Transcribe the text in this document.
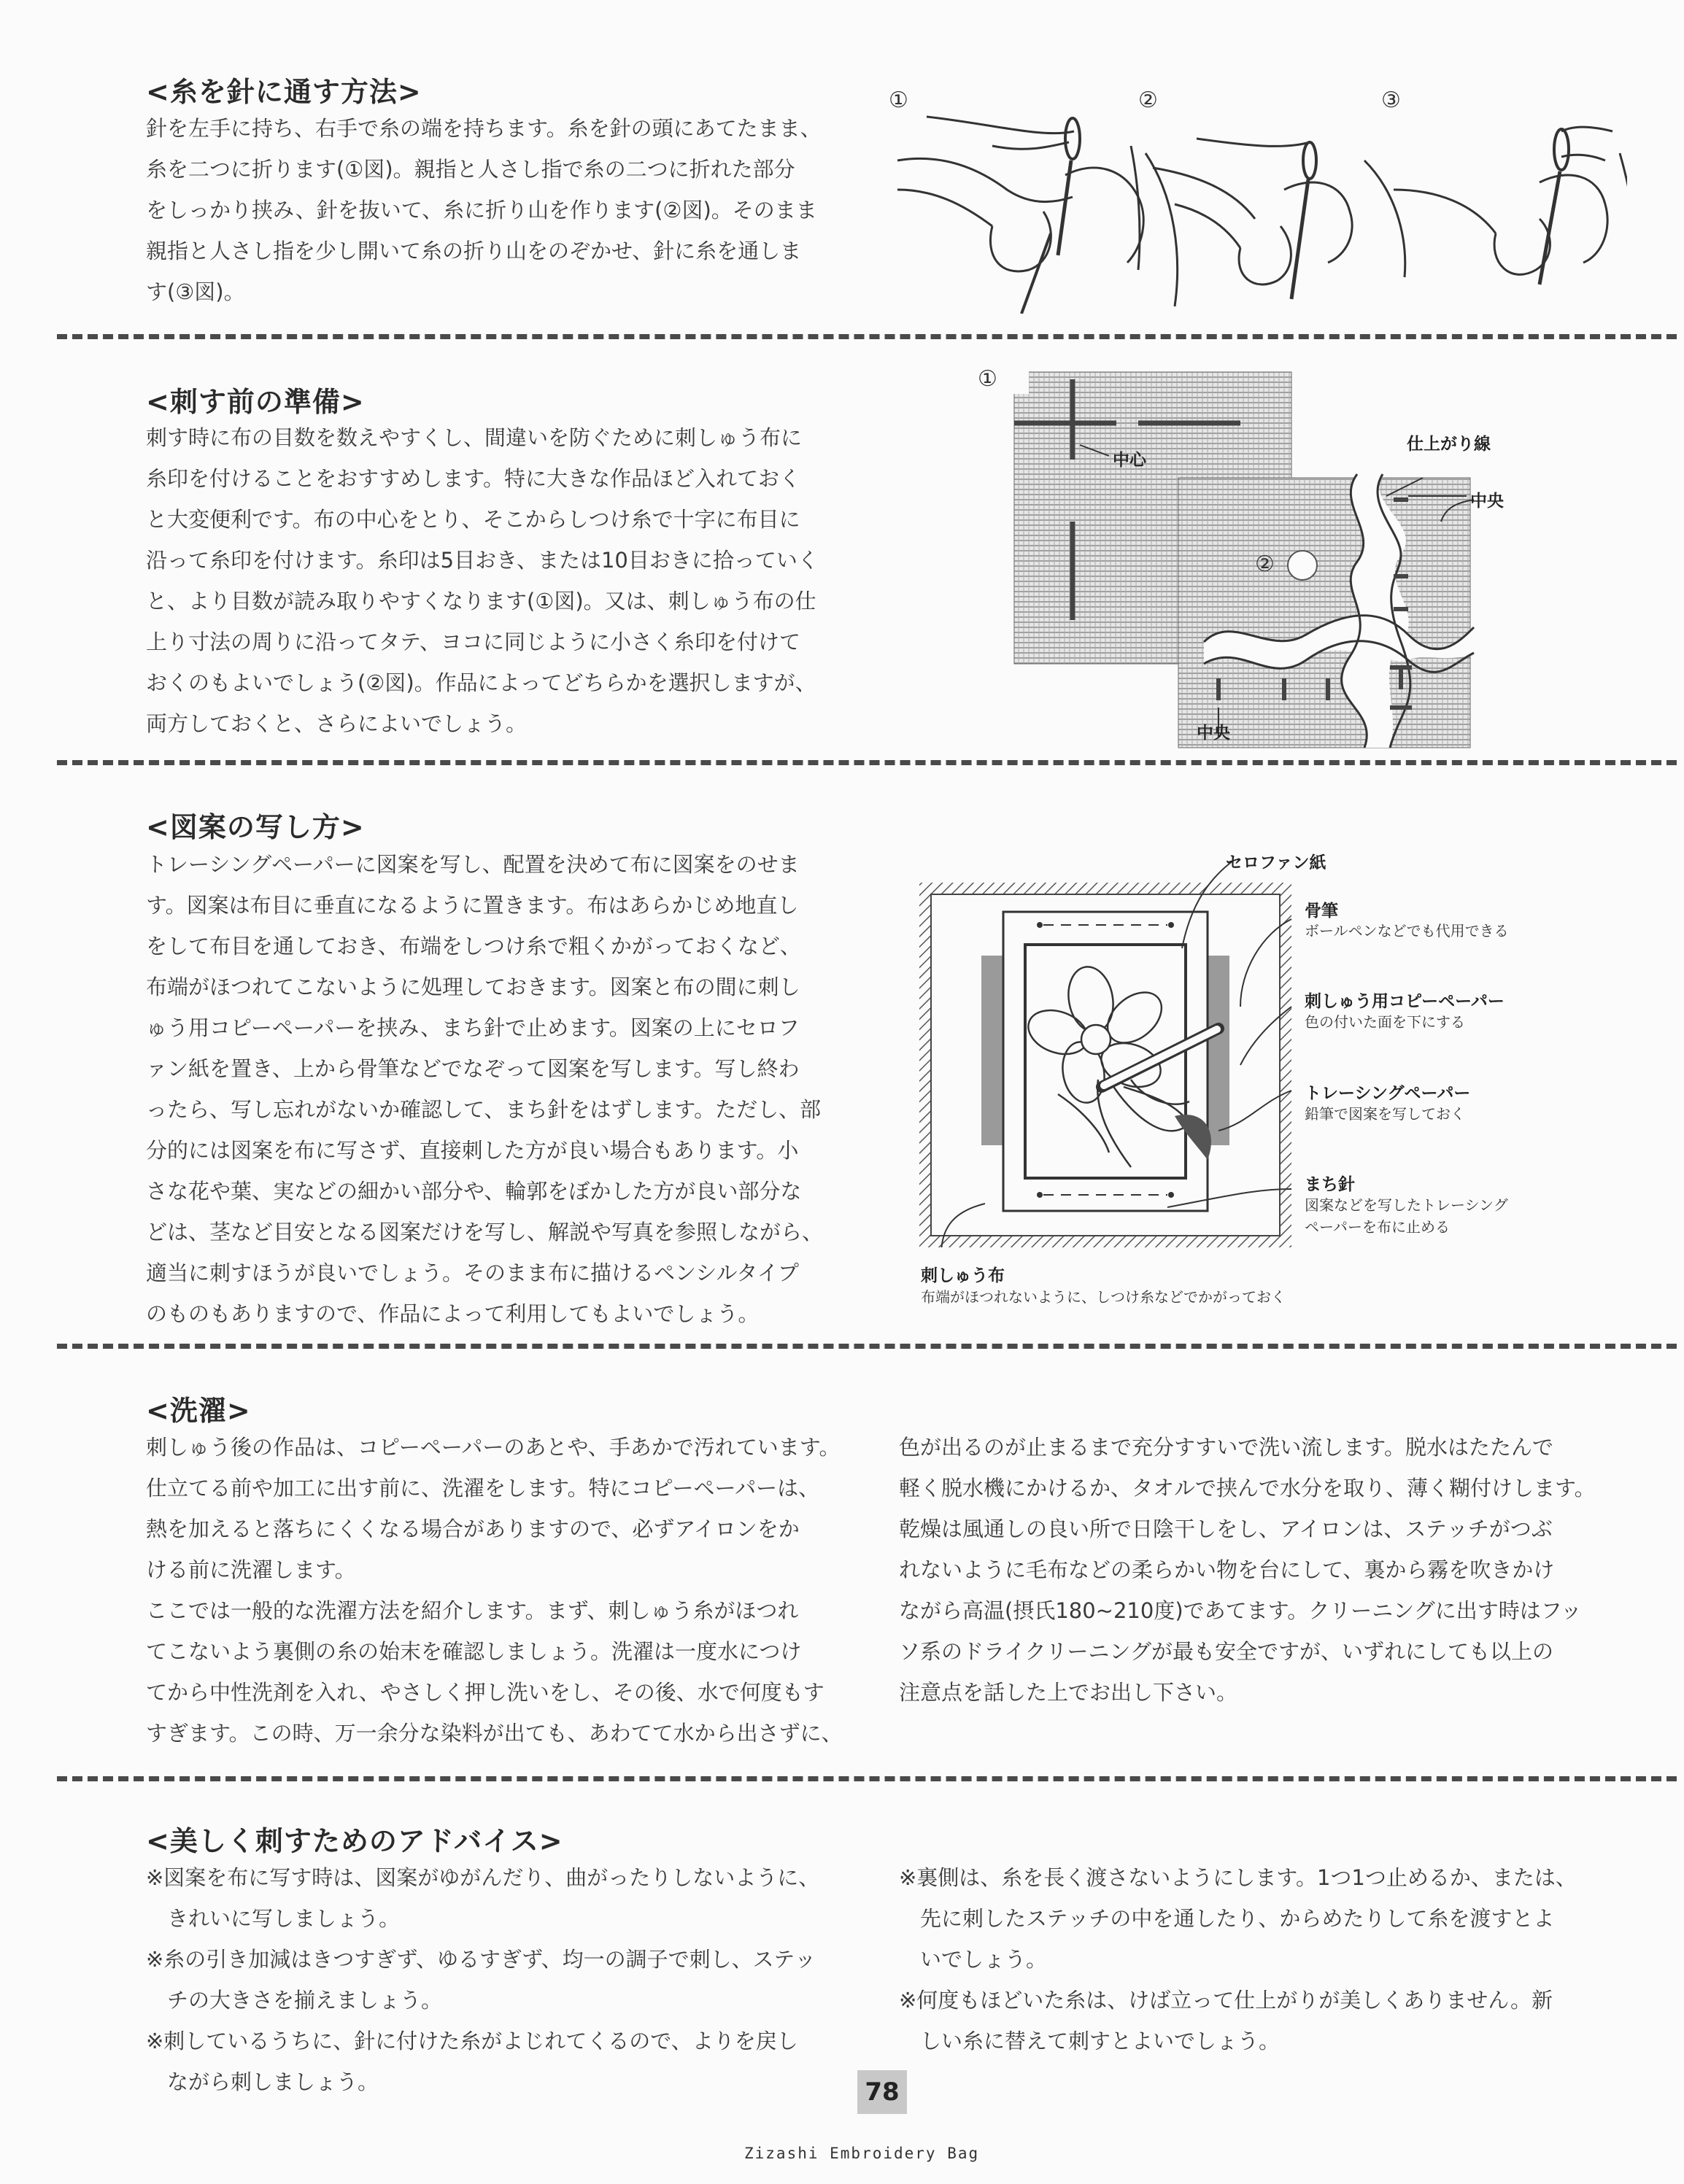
<糸を針に通す方法>
針を左手に持ち、右手で糸の端を持ちます。糸を針の頭にあてたまま、
糸を二つに折ります(①図)。親指と人さし指で糸の二つに折れた部分
をしっかり挟み、針を抜いて、糸に折り山を作ります(②図)。そのまま
親指と人さし指を少し開いて糸の折り山をのぞかせ、針に糸を通しま
す(③図)。
①	②	③
<刺す前の準備>
刺す時に布の目数を数えやすくし、間違いを防ぐために刺しゅう布に
糸印を付けることをおすすめします。特に大きな作品ほど入れておく
と大変便利です。布の中心をとり、そこからしつけ糸で十字に布目に
沿って糸印を付けます。糸印は5目おき、または10目おきに拾っていく
と、より目数が読み取りやすくなります(①図)。又は、刺しゅう布の仕
上り寸法の周りに沿ってタテ、ヨコに同じように小さく糸印を付けて
おくのもよいでしょう(②図)。作品によってどちらかを選択しますが、
両方しておくと、さらによいでしょう。
①
②
中心
仕上がり線
中央
中央
<図案の写し方>
トレーシングペーパーに図案を写し、配置を決めて布に図案をのせま
す。図案は布目に垂直になるように置きます。布はあらかじめ地直し
をして布目を通しておき、布端をしつけ糸で粗くかがっておくなど、
布端がほつれてこないように処理しておきます。図案と布の間に刺し
ゅう用コピーペーパーを挟み、まち針で止めます。図案の上にセロフ
ァン紙を置き、上から骨筆などでなぞって図案を写します。写し終わ
ったら、写し忘れがないか確認して、まち針をはずします。ただし、部
分的には図案を布に写さず、直接刺した方が良い場合もあります。小
さな花や葉、実などの細かい部分や、輪郭をぼかした方が良い部分な
どは、茎など目安となる図案だけを写し、解説や写真を参照しながら、
適当に刺すほうが良いでしょう。そのまま布に描けるペンシルタイプ
のものもありますので、作品によって利用してもよいでしょう。
セロファン紙
骨筆
ボールペンなどでも代用できる
刺しゅう用コピーペーパー
色の付いた面を下にする
トレーシングペーパー
鉛筆で図案を写しておく
まち針
図案などを写したトレーシング
ペーパーを布に止める
刺しゅう布
布端がほつれないように、しつけ糸などでかがっておく
<洗濯>
刺しゅう後の作品は、コピーペーパーのあとや、手あかで汚れています。
仕立てる前や加工に出す前に、洗濯をします。特にコピーペーパーは、
熱を加えると落ちにくくなる場合がありますので、必ずアイロンをか
ける前に洗濯します。
ここでは一般的な洗濯方法を紹介します。まず、刺しゅう糸がほつれ
てこないよう裏側の糸の始末を確認しましょう。洗濯は一度水につけ
てから中性洗剤を入れ、やさしく押し洗いをし、その後、水で何度もす
すぎます。この時、万一余分な染料が出ても、あわてて水から出さずに、
色が出るのが止まるまで充分すすいで洗い流します。脱水はたたんで
軽く脱水機にかけるか、タオルで挟んで水分を取り、薄く糊付けします。
乾燥は風通しの良い所で日陰干しをし、アイロンは、ステッチがつぶ
れないように毛布などの柔らかい物を台にして、裏から霧を吹きかけ
ながら高温(摂氏180~210度)であてます。クリーニングに出す時はフッ
ソ系のドライクリーニングが最も安全ですが、いずれにしても以上の
注意点を話した上でお出し下さい。
<美しく刺すためのアドバイス>
※図案を布に写す時は、図案がゆがんだり、曲がったりしないように、
　きれいに写しましょう。
※糸の引き加減はきつすぎず、ゆるすぎず、均一の調子で刺し、ステッ
　チの大きさを揃えましょう。
※刺しているうちに、針に付けた糸がよじれてくるので、よりを戻し
　ながら刺しましょう。
※裏側は、糸を長く渡さないようにします。1つ1つ止めるか、または、
　先に刺したステッチの中を通したり、からめたりして糸を渡すとよ
　いでしょう。
※何度もほどいた糸は、けば立って仕上がりが美しくありません。新
　しい糸に替えて刺すとよいでしょう。
78
Zizashi Embroidery Bag
